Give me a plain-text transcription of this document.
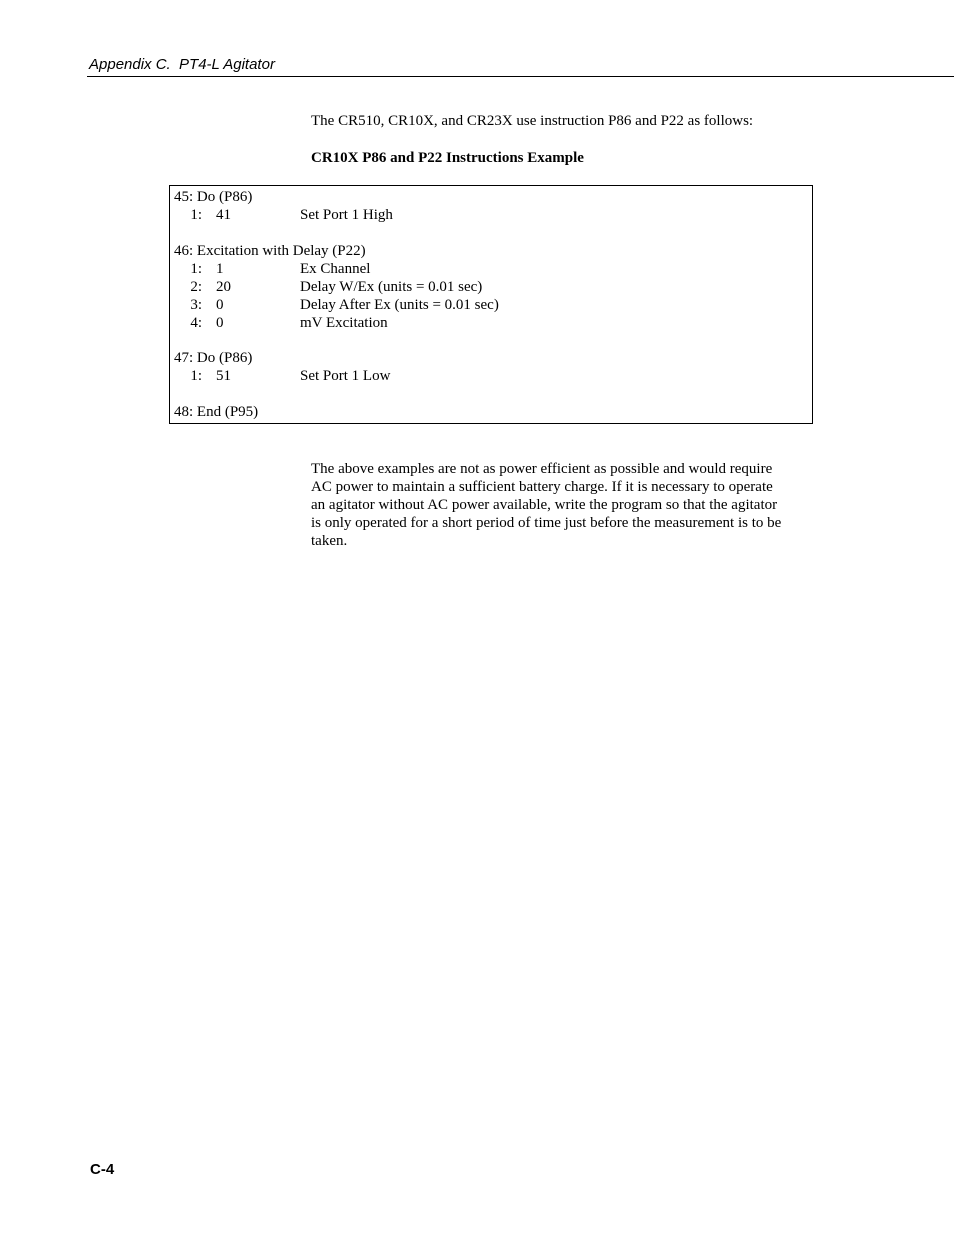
Appendix C.  PT4-L Agitator
The CR510, CR10X, and CR23X use instruction P86 and P22 as follows:
CR10X P86 and P22 Instructions Example
45: Do (P86)
1: 41	Set Port 1 High
46: Excitation with Delay (P22)
1: 1	Ex Channel
2: 20	Delay W/Ex (units = 0.01 sec)
3: 0	Delay After Ex (units = 0.01 sec)
4: 0	mV Excitation
47: Do (P86)
1: 51	Set Port 1 Low
48: End (P95)
The above examples are not as power efficient as possible and would require
AC power to maintain a sufficient battery charge. If it is necessary to operate
an agitator without AC power available, write the program so that the agitator
is only operated for a short period of time just before the measurement is to be
taken.
C-4
